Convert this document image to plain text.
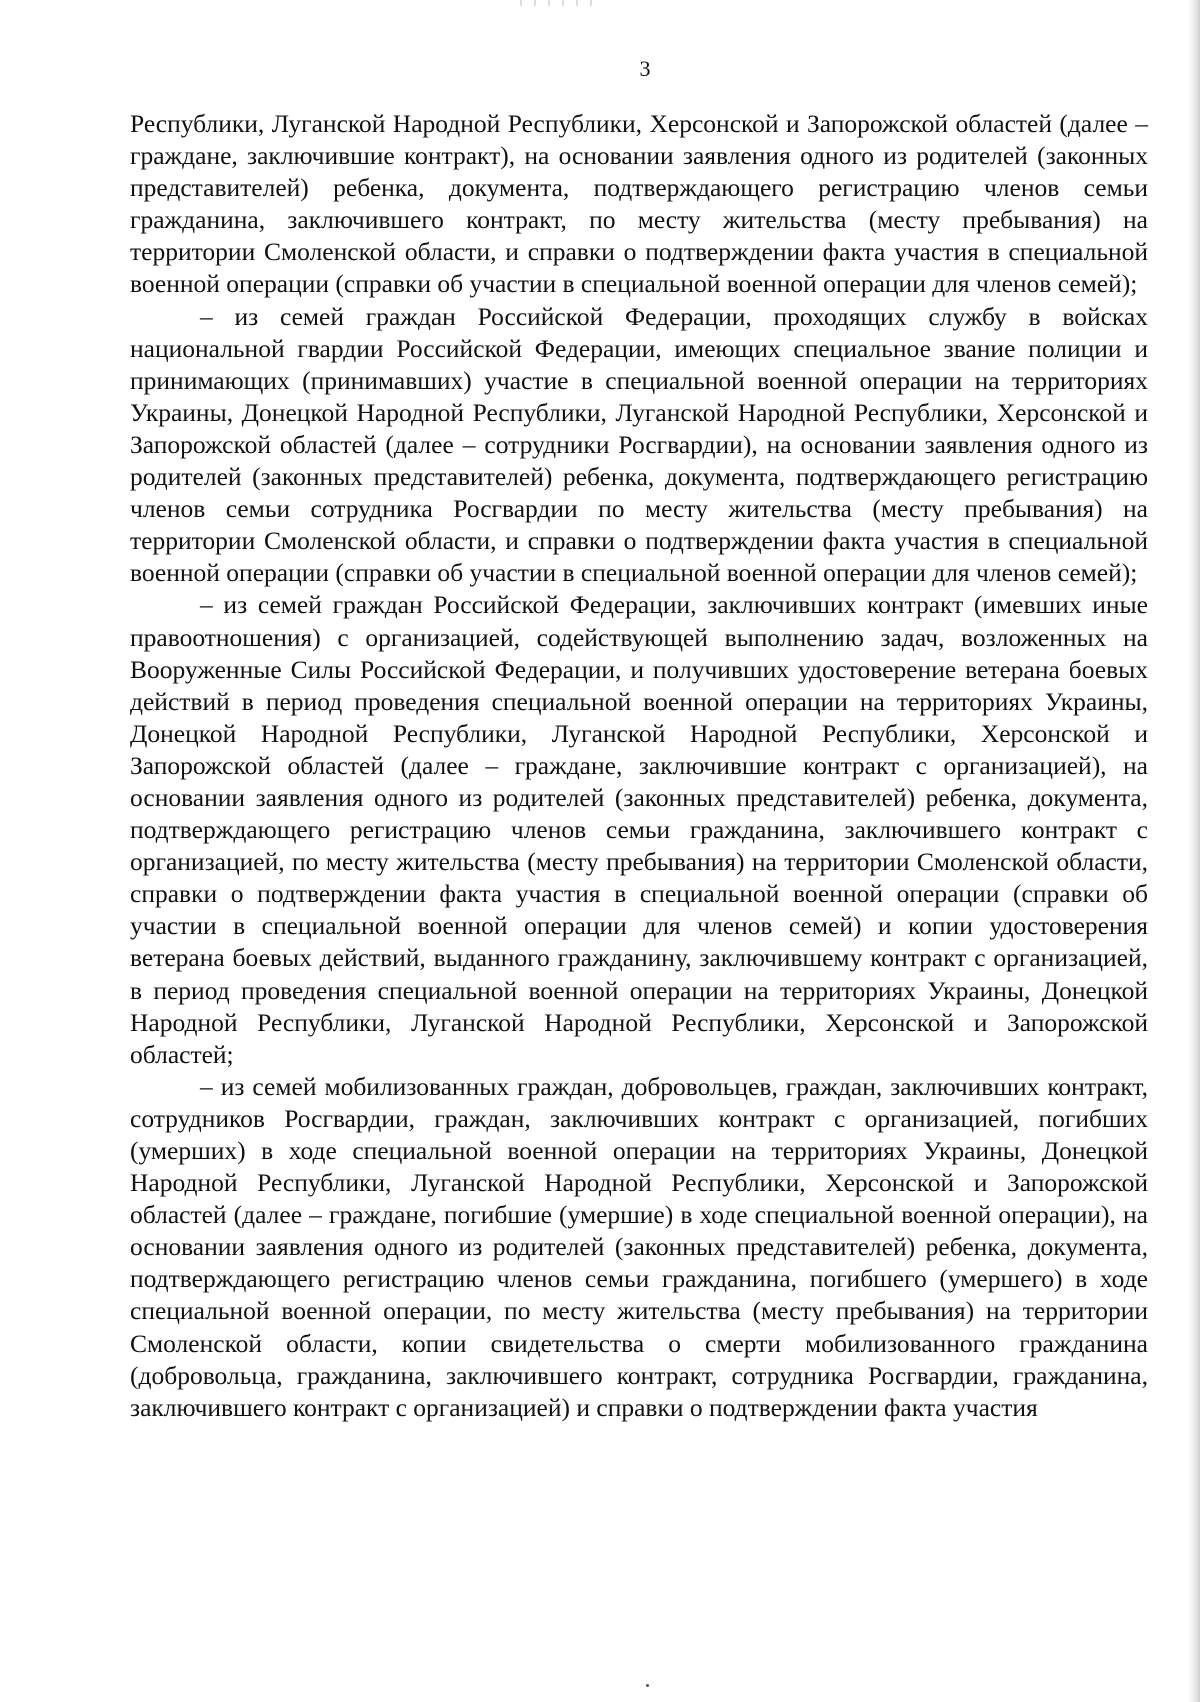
3

Республики, Луганской Народной Республики, Херсонской и Запорожской областей (далее – граждане, заключившие контракт), на основании заявления одного из родителей (законных представителей) ребенка, документа, подтверждающего регистрацию членов семьи гражданина, заключившего контракт, по месту жительства (месту пребывания) на территории Смоленской области, и справки о подтверждении факта участия в специальной военной операции (справки об участии в специальной военной операции для членов семей);

– из семей граждан Российской Федерации, проходящих службу в войсках национальной гвардии Российской Федерации, имеющих специальное звание полиции и принимающих (принимавших) участие в специальной военной операции на территориях Украины, Донецкой Народной Республики, Луганской Народной Республики, Херсонской и Запорожской областей (далее – сотрудники Росгвардии), на основании заявления одного из родителей (законных представителей) ребенка, документа, подтверждающего регистрацию членов семьи сотрудника Росгвардии по месту жительства (месту пребывания) на территории Смоленской области, и справки о подтверждении факта участия в специальной военной операции (справки об участии в специальной военной операции для членов семей);

– из семей граждан Российской Федерации, заключивших контракт (имевших иные правоотношения) с организацией, содействующей выполнению задач, возложенных на Вооруженные Силы Российской Федерации, и получивших удостоверение ветерана боевых действий в период проведения специальной военной операции на территориях Украины, Донецкой Народной Республики, Луганской Народной Республики, Херсонской и Запорожской областей (далее – граждане, заключившие контракт с организацией), на основании заявления одного из родителей (законных представителей) ребенка, документа, подтверждающего регистрацию членов семьи гражданина, заключившего контракт с организацией, по месту жительства (месту пребывания) на территории Смоленской области, справки о подтверждении факта участия в специальной военной операции (справки об участии в специальной военной операции для членов семей) и копии удостоверения ветерана боевых действий, выданного гражданину, заключившему контракт с организацией, в период проведения специальной военной операции на территориях Украины, Донецкой Народной Республики, Луганской Народной Республики, Херсонской и Запорожской областей;

– из семей мобилизованных граждан, добровольцев, граждан, заключивших контракт, сотрудников Росгвардии, граждан, заключивших контракт с организацией, погибших (умерших) в ходе специальной военной операции на территориях Украины, Донецкой Народной Республики, Луганской Народной Республики, Херсонской и Запорожской областей (далее – граждане, погибшие (умершие) в ходе специальной военной операции), на основании заявления одного из родителей (законных представителей) ребенка, документа, подтверждающего регистрацию членов семьи гражданина, погибшего (умершего) в ходе специальной военной операции, по месту жительства (месту пребывания) на территории Смоленской области, копии свидетельства о смерти мобилизованного гражданина (добровольца, гражданина, заключившего контракт, сотрудника Росгвардии, гражданина, заключившего контракт с организацией) и справки о подтверждении факта участия
